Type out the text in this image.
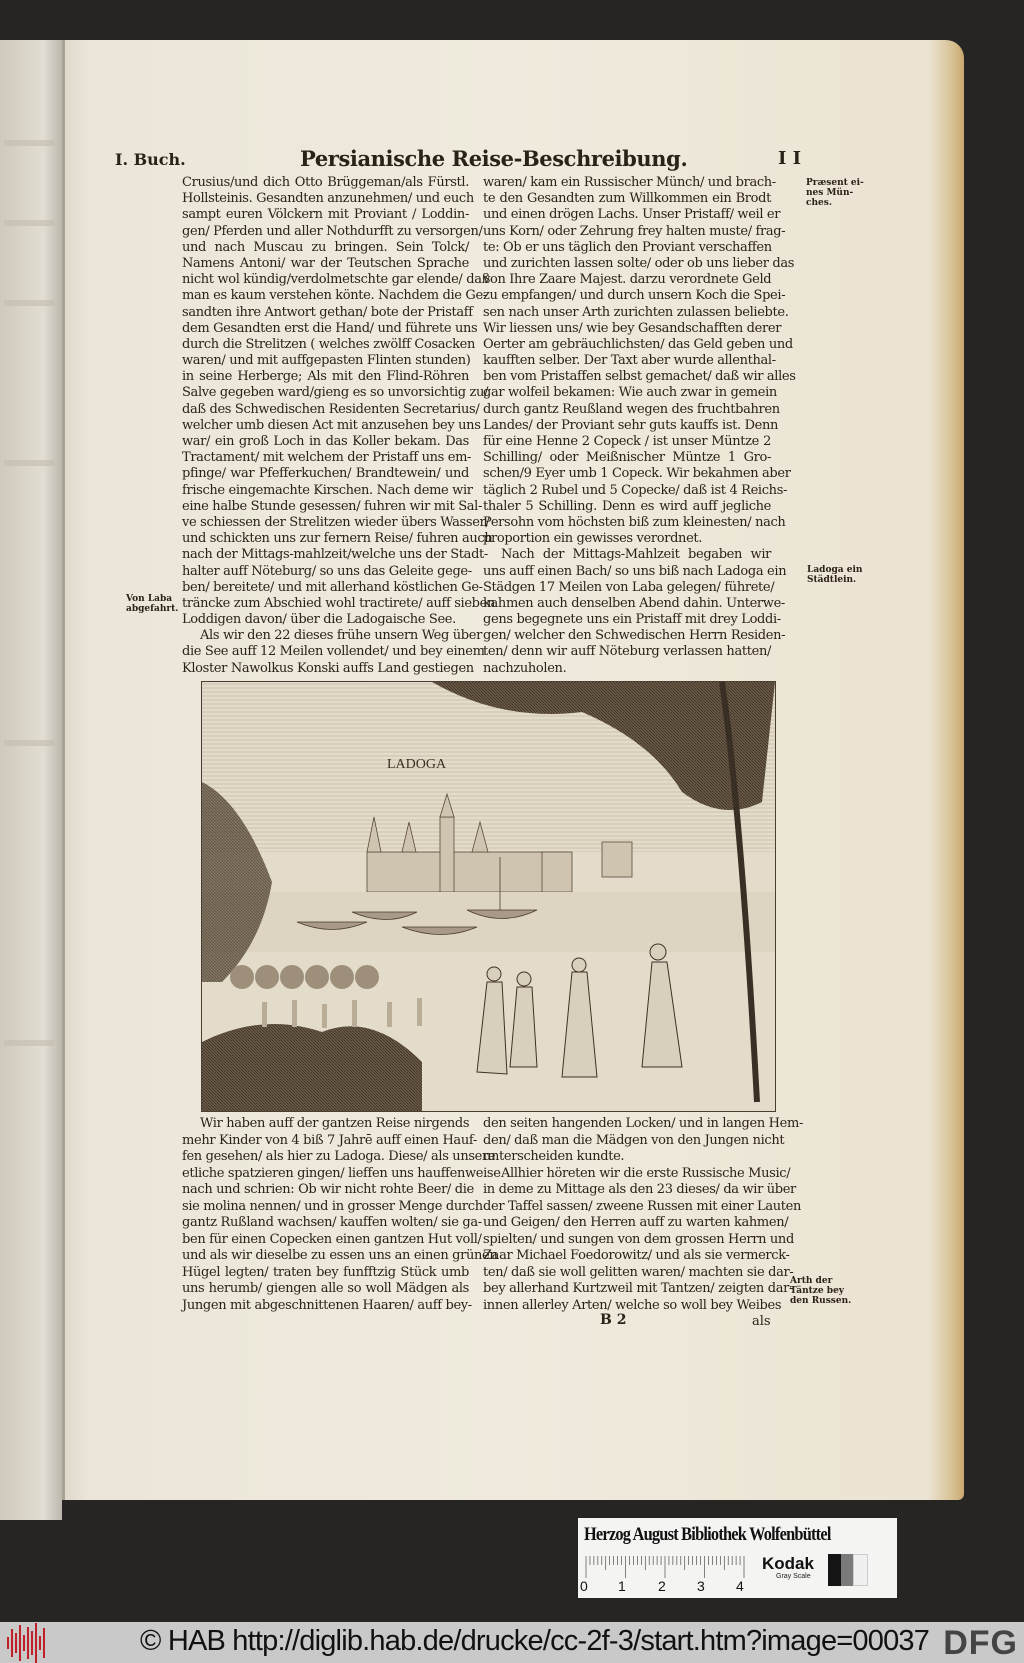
I. Buch.	Persianische Reise-Beschreibung.	I I
Crusius/und dich Otto Brüggeman/als Fürstl.
Hollsteinis. Gesandten anzunehmen/ und euch
sampt euren Völckern mit Proviant / Loddin-
gen/ Pferden und aller Nothdurfft zu versorgen/
und nach Muscau zu bringen. Sein Tolck/
Namens Antoni/ war der Teutschen Sprache
nicht wol kündig/verdolmetschte gar elende/ daß
man es kaum verstehen könte. Nachdem die Ge-
sandten ihre Antwort gethan/ bote der Pristaff
dem Gesandten erst die Hand/ und führete uns
durch die Strelitzen ( welches zwölff Cosacken
waren/ und mit auffgepasten Flinten stunden)
in seine Herberge; Als mit den Flind-Röhren
Salve gegeben ward/gieng es so unvorsichtig zu/
daß des Schwedischen Residenten Secretarius/
welcher umb diesen Act mit anzusehen bey uns
war/ ein groß Loch in das Koller bekam. Das
Tractament/ mit welchem der Pristaff uns em-
pfinge/ war Pfefferkuchen/ Brandtewein/ und
frische eingemachte Kirschen. Nach deme wir
eine halbe Stunde gesessen/ fuhren wir mit Sal-
ve schiessen der Strelitzen wieder übers Wasser/
und schickten uns zur fernern Reise/ fuhren auch
nach der Mittags-mahlzeit/welche uns der Stadt-
halter auff Nöteburg/ so uns das Geleite gege-
ben/ bereitete/ und mit allerhand köstlichen Ge-
träncke zum Abschied wohl tractirete/ auff sieben
Loddigen davon/ über die Ladogaische See.
Als wir den 22 dieses frühe unsern Weg über
die See auff 12 Meilen vollendet/ und bey einem
Kloster Nawolkus Konski auffs Land gestiegen
waren/ kam ein Russischer Münch/ und brach-
te den Gesandten zum Willkommen ein Brodt
und einen drögen Lachs. Unser Pristaff/ weil er
uns Korn/ oder Zehrung frey halten muste/ frag-
te: Ob er uns täglich den Proviant verschaffen
und zurichten lassen solte/ oder ob uns lieber das
von Ihre Zaare Majest. darzu verordnete Geld
zu empfangen/ und durch unsern Koch die Spei-
sen nach unser Arth zurichten zulassen beliebte.
Wir liessen uns/ wie bey Gesandschafften derer
Oerter am gebräuchlichsten/ das Geld geben und
kaufften selber. Der Taxt aber wurde allenthal-
ben vom Pristaffen selbst gemachet/ daß wir alles
gar wolfeil bekamen: Wie auch zwar in gemein
durch gantz Reußland wegen des fruchtbahren
Landes/ der Proviant sehr guts kauffs ist. Denn
für eine Henne 2 Copeck / ist unser Müntze 2
Schilling/ oder Meißnischer Müntze 1 Gro-
schen/9 Eyer umb 1 Copeck. Wir bekahmen aber
täglich 2 Rubel und 5 Copecke/ daß ist 4 Reichs-
thaler 5 Schilling. Denn es wird auff jegliche
Persohn vom höchsten biß zum kleinesten/ nach
proportion ein gewisses verordnet.
Nach der Mittags-Mahlzeit begaben wir
uns auff einen Bach/ so uns biß nach Ladoga ein
Städgen 17 Meilen von Laba gelegen/ führete/
kahmen auch denselben Abend dahin. Unterwe-
gens begegnete uns ein Pristaff mit drey Loddi-
gen/ welcher den Schwedischen Herrn Residen-
ten/ denn wir auff Nöteburg verlassen hatten/
nachzuholen.
Præsent ei-
nes Mün-
ches.
Von Laba
abgefahrt.
Ladoga ein
Städtlein.
Arth der
Täntze bey
den Russen.
LADOGA
Wir haben auff der gantzen Reise nirgends
mehr Kinder von 4 biß 7 Jahrē auff einen Hauf-
fen gesehen/ als hier zu Ladoga. Diese/ als unsere
etliche spatzieren gingen/ lieffen uns hauffenweise
nach und schrien: Ob wir nicht rohte Beer/ die
sie molina nennen/ und in grosser Menge durch
gantz Rußland wachsen/ kauffen wolten/ sie ga-
ben für einen Copecken einen gantzen Hut voll/
und als wir dieselbe zu essen uns an einen grünen
Hügel legten/ traten bey funfftzig Stück umb
uns herumb/ giengen alle so woll Mädgen als
Jungen mit abgeschnittenen Haaren/ auff bey-
den seiten hangenden Locken/ und in langen Hem-
den/ daß man die Mädgen von den Jungen nicht
unterscheiden kundte.
Allhier höreten wir die erste Russische Music/
in deme zu Mittage als den 23 dieses/ da wir über
der Taffel sassen/ zweene Russen mit einer Lauten
und Geigen/ den Herren auff zu warten kahmen/
spielten/ und sungen von dem grossen Herrn und
Zaar Michael Foedorowitz/ und als sie vermerck-
ten/ daß sie woll gelitten waren/ machten sie dar-
bey allerhand Kurtzweil mit Tantzen/ zeigten dar-
innen allerley Arten/ welche so woll bey Weibes
B 2	als
Herzog August Bibliothek Wolfenbüttel
0 1 2 3 4
Kodak
Gray Scale
© HAB http://diglib.hab.de/drucke/cc-2f-3/start.htm?image=00037 DFG
